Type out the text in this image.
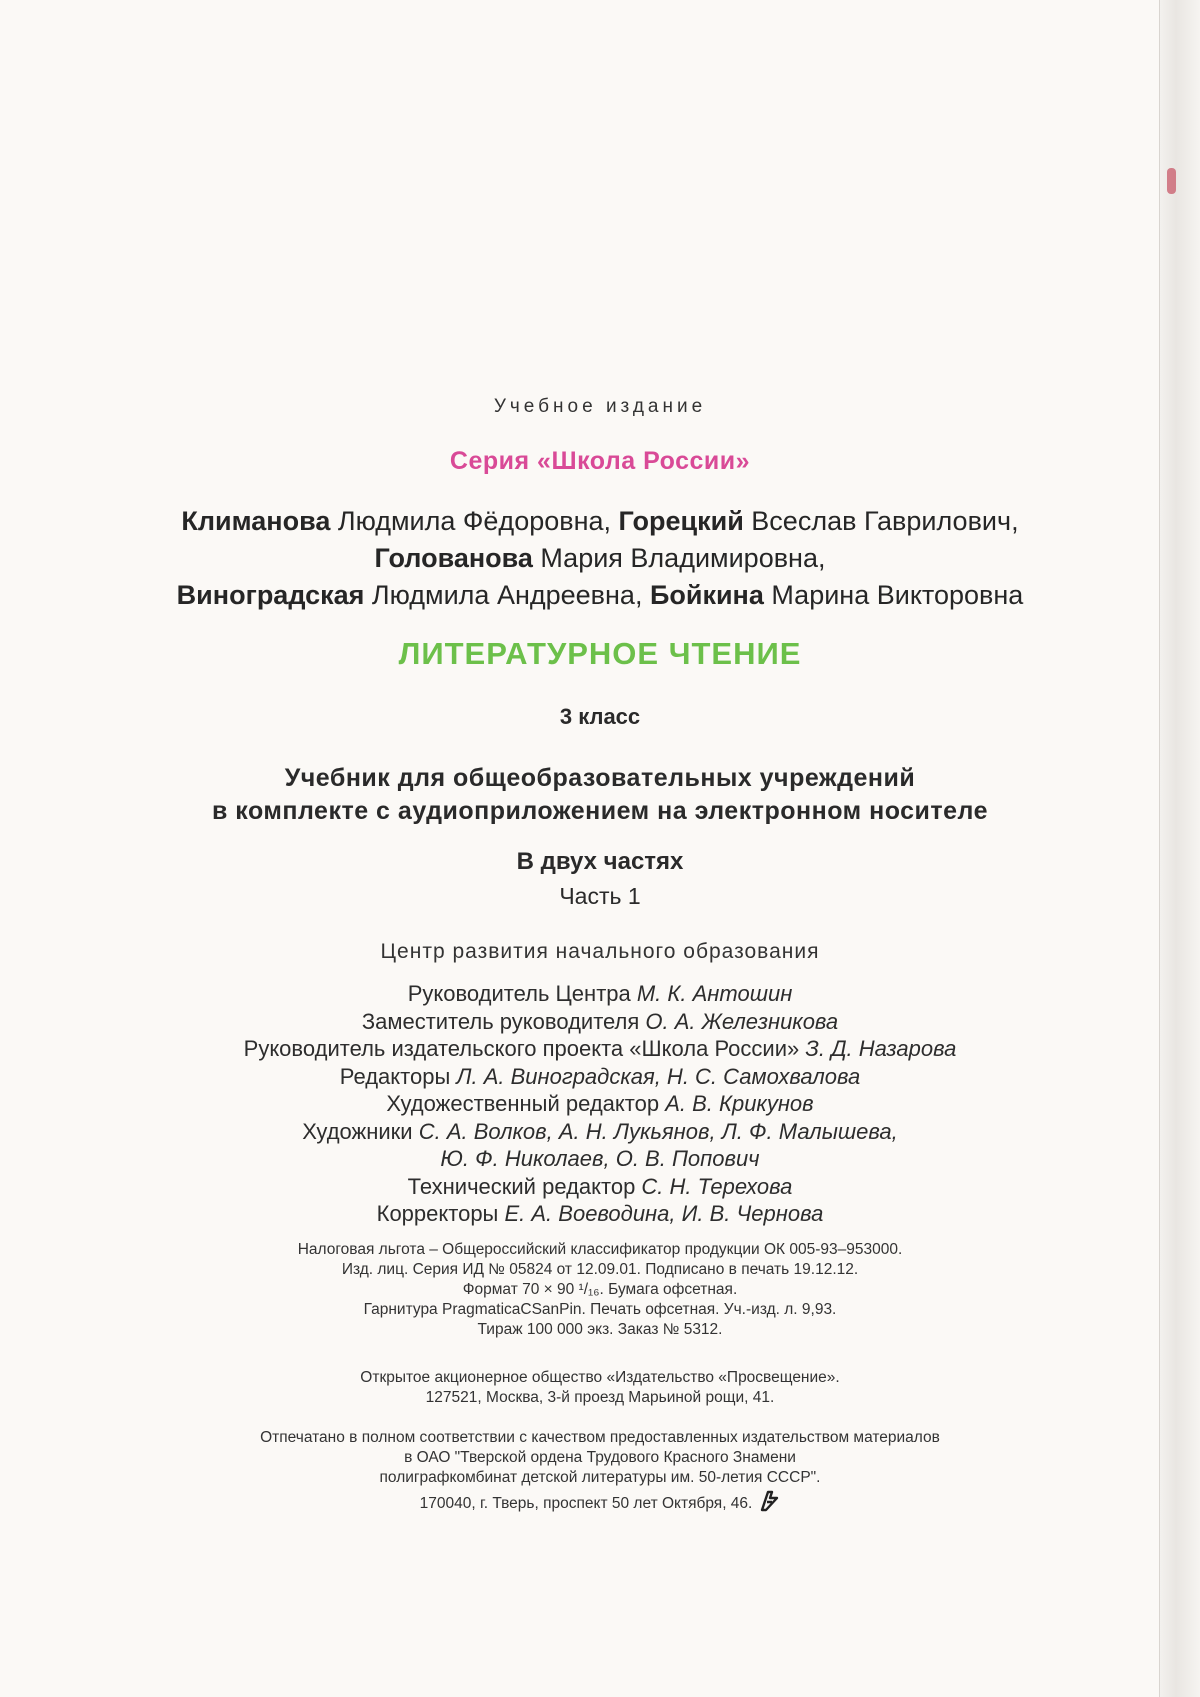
Учебное издание
Серия «Школа России»
Климанова Людмила Фёдоровна, Горецкий Всеслав Гаврилович,
Голованова Мария Владимировна,
Виноградская Людмила Андреевна, Бойкина Марина Викторовна
ЛИТЕРАТУРНОЕ ЧТЕНИЕ
3 класс
Учебник для общеобразовательных учреждений
в комплекте с аудиоприложением на электронном носителе
В двух частях
Часть 1
Центр развития начального образования
Руководитель Центра М. К. Антошин
Заместитель руководителя О. А. Железникова
Руководитель издательского проекта «Школа России» З. Д. Назарова
Редакторы Л. А. Виноградская, Н. С. Самохвалова
Художественный редактор А. В. Крикунов
Художники С. А. Волков, А. Н. Лукьянов, Л. Ф. Малышева,
Ю. Ф. Николаев, О. В. Попович
Технический редактор С. Н. Терехова
Корректоры Е. А. Воеводина, И. В. Чернова
Налоговая льгота – Общероссийский классификатор продукции ОК 005-93–953000.
Изд. лиц. Серия ИД № 05824 от 12.09.01. Подписано в печать 19.12.12.
Формат 70 × 90 ¹/₁₆. Бумага офсетная.
Гарнитура PragmaticaCSanPin. Печать офсетная. Уч.-изд. л. 9,93.
Тираж 100 000 экз. Заказ № 5312.
Открытое акционерное общество «Издательство «Просвещение».
127521, Москва, 3-й проезд Марьиной рощи, 41.
Отпечатано в полном соответствии с качеством предоставленных издательством материалов
в ОАО "Тверской ордена Трудового Красного Знамени
полиграфкомбинат детской литературы им. 50-летия СССР".
170040, г. Тверь, проспект 50 лет Октября, 46.
